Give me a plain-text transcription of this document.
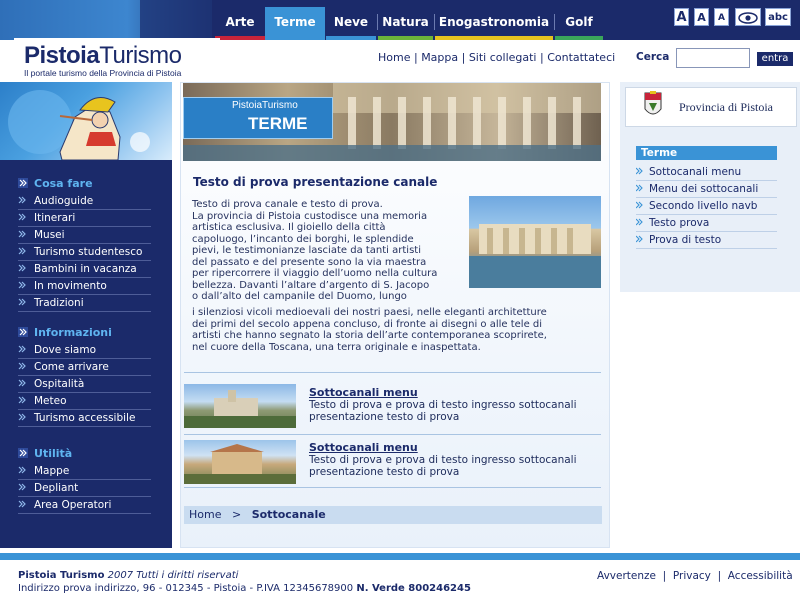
Arte	Terme	Neve	Natura Enogastronomia	Golf	A A	A	abc
PistoiaTurismo
Il portale turismo della Provincia di Pistoia
Home | Mappa | Siti collegati | Contattateci Cerca	entra
Cosa fare
Audioguide
Itinerari
Musei
Turismo studentesco
Bambini in vacanza
In movimento
Tradizioni
Informazioni
Dove siamo
Come arrivare
Ospitalità
Meteo
Turismo accessibile
Utilità
Mappe
Depliant
Area Operatori
PistoiaTurismo
TERME
Testo di prova presentazione canale
Testo di prova canale e testo di prova.
La provincia di Pistoia custodisce una memoria
artistica esclusiva. Il gioiello della città
capoluogo, l’incanto dei borghi, le splendide
pievi, le testimonianze lasciate da tanti artisti
del passato e del presente sono la via maestra
per ripercorrere il viaggio dell’uomo nella cultura
bellezza. Davanti l’altare d’argento di S. Jacopo
o dall’alto del campanile del Duomo, lungo
i silenziosi vicoli medioevali dei nostri paesi, nelle eleganti architetture
dei primi del secolo appena concluso, di fronte ai disegni o alle tele di
artisti che hanno segnato la storia dell’arte contemporanea scoprirete,
nel cuore della Toscana, una terra originale e inaspettata.
Sottocanali menu
Testo di prova e prova di testo ingresso sottocanali presentazione testo di prova
Sottocanali menu
Testo di prova e prova di testo ingresso sottocanali presentazione testo di prova
Home > Sottocanale
Provincia di Pistoia
Terme
Sottocanali menu
Menu dei sottocanali
Secondo livello navb
Testo prova
Prova di testo
Pistoia Turismo 2007 Tutti i diritti riservati
Indirizzo prova indirizzo, 96 - 012345 - Pistoia - P.IVA 12345678900 N. Verde 800246245
Avvertenze  |  Privacy  |  Accessibilità
